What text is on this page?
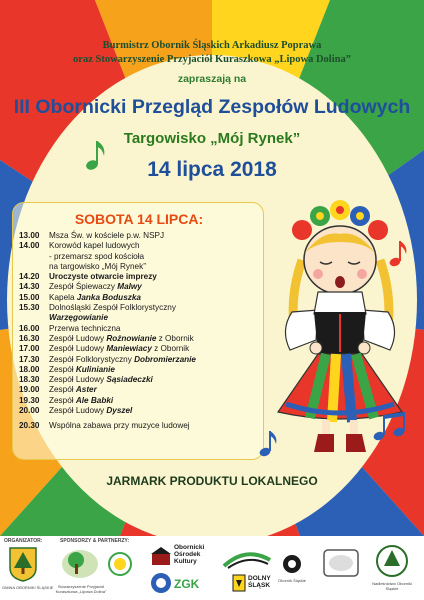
Burmistrz Obornik Śląskich Arkadiusz Poprawa
oraz Stowarzyszenie Przyjaciół Kuraszkowa „Lipowa Dolina”
zapraszają na
III Obornicki Przegląd Zespołów Ludowych
Targowisko „Mój Rynek”
14 lipca 2018
SOBOTA 14 LIPCA:
13.00	Msza Św. w kościele p.w. NSPJ
14.00	Korowód kapel ludowych
- przemarsz spod kościoła
na targowisko „Mój Rynek”
14.20	Uroczyste otwarcie imprezy
14.30	Zespół Śpiewaczy Malwy
15.00	Kapela Janka Boduszka
15.30	Dolnośląski Zespół Folklorystyczny
Warzęgowianie
16.00	Przerwa techniczna
16.30	Zespół Ludowy Rożnowianie z Obornik
17.00	Zespół Ludowy Maniewiacy z Obornik
17.30	Zespół Folklorystyczny Dobromierzanie
18.00	Zespół Kulinianie
18.30	Zespół Ludowy Sąsiadeczki
19.00	Zespół Aster
19.30	Zespół Ale Babki
20.00	Zespół Ludowy Dyszel
20.30	Wspólna zabawa przy muzyce ludowej
JARMARK PRODUKTU LOKALNEGO
ORGANIZATOR:	SPONSORZY & PARTNERZY:
GMINA OBORNIKI ŚLĄSKIE	Stowarzyszenie Przyjaciół Kuraszkowa „Lipowa Dolina”
Obornicki Ośrodek Kultury
ZGK	DOLNY ŚLĄSK
Obornik Śląskie
Nadleśnictwo Oborniki Śląskie
